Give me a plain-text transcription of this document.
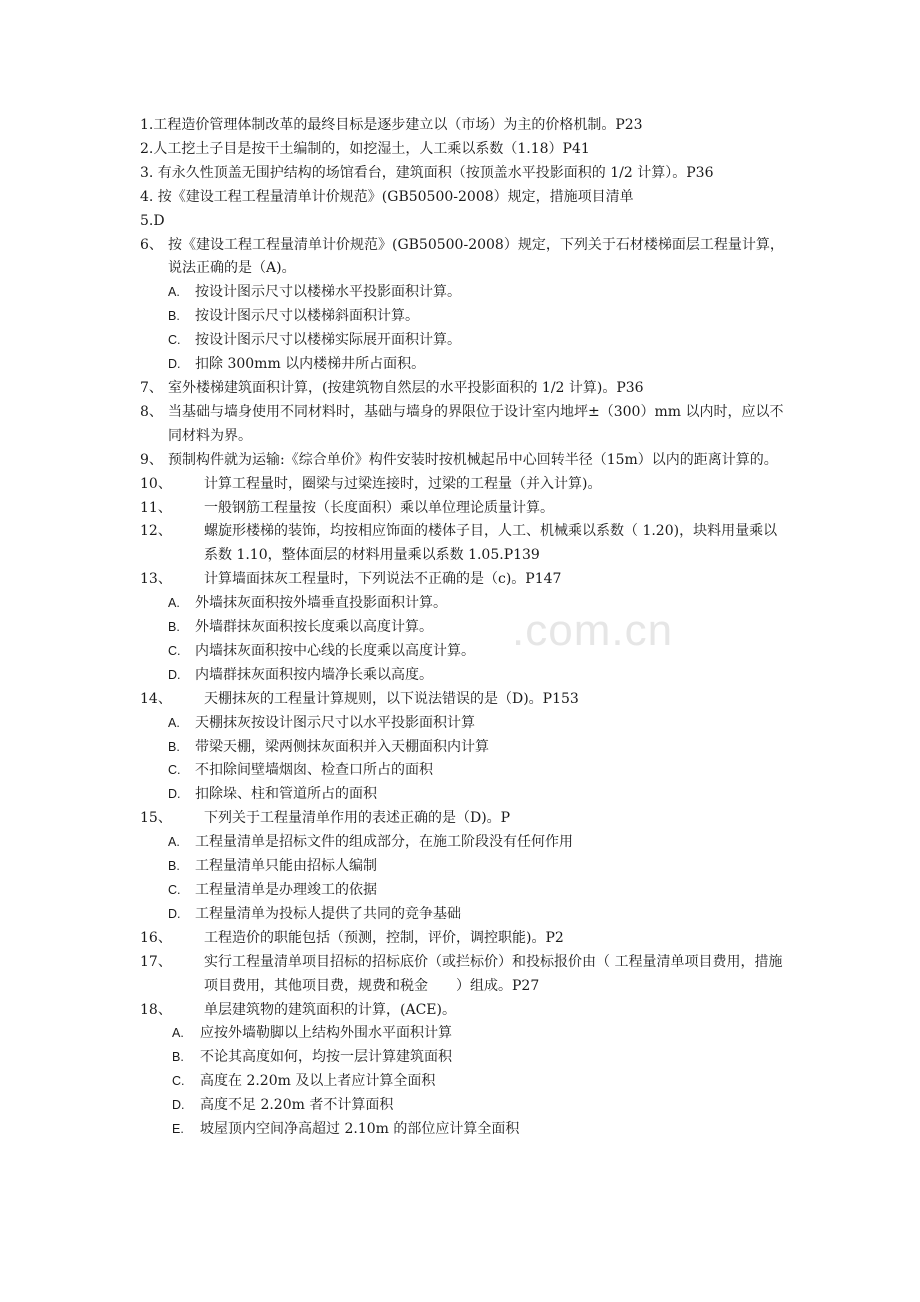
.com.cn
1.工程造价管理体制改革的最终目标是逐步建立以（市场）为主的价格机制。P23
2.人工挖土子目是按干土编制的，如挖湿土，人工乘以系数（1.18）P41
3. 有永久性顶盖无围护结构的场馆看台，建筑面积（按顶盖水平投影面积的 1/2 计算）。P36
4. 按《建设工程工程量清单计价规范》(GB50500-2008）规定，措施项目清单
5.D
6、 按《建设工程工程量清单计价规范》(GB50500-2008）规定，下列关于石材楼梯面层工程量计算，说法正确的是（A)。
A.	按设计图示尺寸以楼梯水平投影面积计算。
B.	按设计图示尺寸以楼梯斜面积计算。
C.	按设计图示尺寸以楼梯实际展开面积计算。
D.	扣除 300mm 以内楼梯井所占面积。
7、 室外楼梯建筑面积计算，(按建筑物自然层的水平投影面积的 1/2 计算)。P36
8、 当基础与墙身使用不同材料时，基础与墙身的界限位于设计室内地坪±（300）mm 以内时，应以不同材料为界。
9、 预制构件就为运输:《综合单价》构件安装时按机械起吊中心回转半径（15m）以内的距离计算的。
10、	计算工程量时，圈梁与过梁连接时，过梁的工程量（并入计算)。
11、	一般钢筋工程量按（长度面积）乘以单位理论质量计算。
12、	螺旋形楼梯的装饰，均按相应饰面的楼体子目，人工、机械乘以系数（ 1.20)，块料用量乘以系数 1.10，整体面层的材料用量乘以系数 1.05.P139
13、	计算墙面抹灰工程量时，下列说法不正确的是（c)。P147
A.	外墙抹灰面积按外墙垂直投影面积计算。
B.	外墙群抹灰面积按长度乘以高度计算。
C.	内墙抹灰面积按中心线的长度乘以高度计算。
D.	内墙群抹灰面积按内墙净长乘以高度。
14、	天棚抹灰的工程量计算规则，以下说法错误的是（D)。P153
A.	天棚抹灰按设计图示尺寸以水平投影面积计算
B.	带梁天棚，梁两侧抹灰面积并入天棚面积内计算
C.	不扣除间壁墙烟囱、检查口所占的面积
D.	扣除垛、柱和管道所占的面积
15、	下列关于工程量清单作用的表述正确的是（D)。P
A.	工程量清单是招标文件的组成部分，在施工阶段没有任何作用
B.	工程量清单只能由招标人编制
C.	工程量清单是办理竣工的依据
D.	工程量清单为投标人提供了共同的竞争基础
16、	工程造价的职能包括（预测，控制，评价，调控职能)。P2
17、	实行工程量清单项目招标的招标底价（或拦标价）和投标报价由（ 工程量清单项目费用，措施项目费用，其他项目费，规费和税金　　）组成。P27
18、	单层建筑物的建筑面积的计算，(ACE)。
A.	应按外墙勒脚以上结构外围水平面积计算
B.	不论其高度如何，均按一层计算建筑面积
C.	高度在 2.20m 及以上者应计算全面积
D.	高度不足 2.20m 者不计算面积
E.	坡屋顶内空间净高超过 2.10m 的部位应计算全面积
